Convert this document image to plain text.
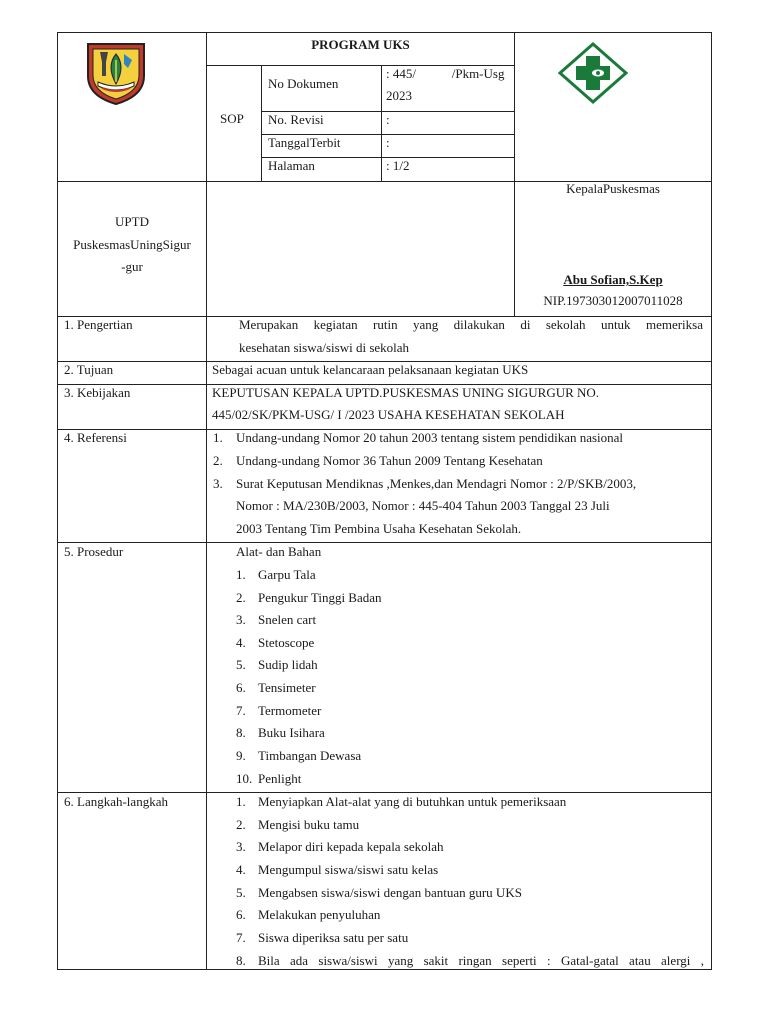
PROGRAM UKS
SOP
No Dokumen
: 445/           /Pkm-Usg
2023
No. Revisi	:
TanggalTerbit	:
Halaman	: 1/2
UPTD
PuskesmasUningSigur
-gur
KepalaPuskesmas
Abu Sofian,S.Kep
NIP.197303012007011028
1. Pengertian	Merupakan kegiatan rutin yang dilakukan di sekolah untuk memeriksa
kesehatan siswa/siswi di sekolah
2. Tujuan	Sebagai acuan untuk kelancaraan pelaksanaan kegiatan UKS
3. Kebijakan	KEPUTUSAN KEPALA UPTD.PUSKESMAS UNING SIGURGUR NO.
445/02/SK/PKM-USG/ I /2023 USAHA KESEHATAN SEKOLAH
4. Referensi	1. Undang-undang Nomor 20 tahun 2003 tentang sistem pendidikan nasional
2. Undang-undang Nomor 36 Tahun 2009 Tentang Kesehatan
3. Surat Keputusan Mendiknas ,Menkes,dan Mendagri Nomor : 2/P/SKB/2003,
Nomor : MA/230B/2003, Nomor : 445-404 Tahun 2003 Tanggal 23 Juli
2003 Tentang Tim Pembina Usaha Kesehatan Sekolah.
5. Prosedur	Alat- dan Bahan
1. Garpu Tala
2. Pengukur Tinggi Badan
3. Snelen cart
4. Stetoscope
5. Sudip lidah
6. Tensimeter
7. Termometer
8. Buku Isihara
9. Timbangan Dewasa
10. Penlight
6. Langkah-langkah	1. Menyiapkan Alat-alat yang di butuhkan untuk pemeriksaan
2. Mengisi buku tamu
3. Melapor diri kepada kepala sekolah
4. Mengumpul siswa/siswi satu kelas
5. Mengabsen siswa/siswi dengan bantuan guru UKS
6. Melakukan penyuluhan
7. Siswa diperiksa satu per satu
8. Bila ada siswa/siswi yang sakit ringan seperti : Gatal-gatal atau alergi ,
